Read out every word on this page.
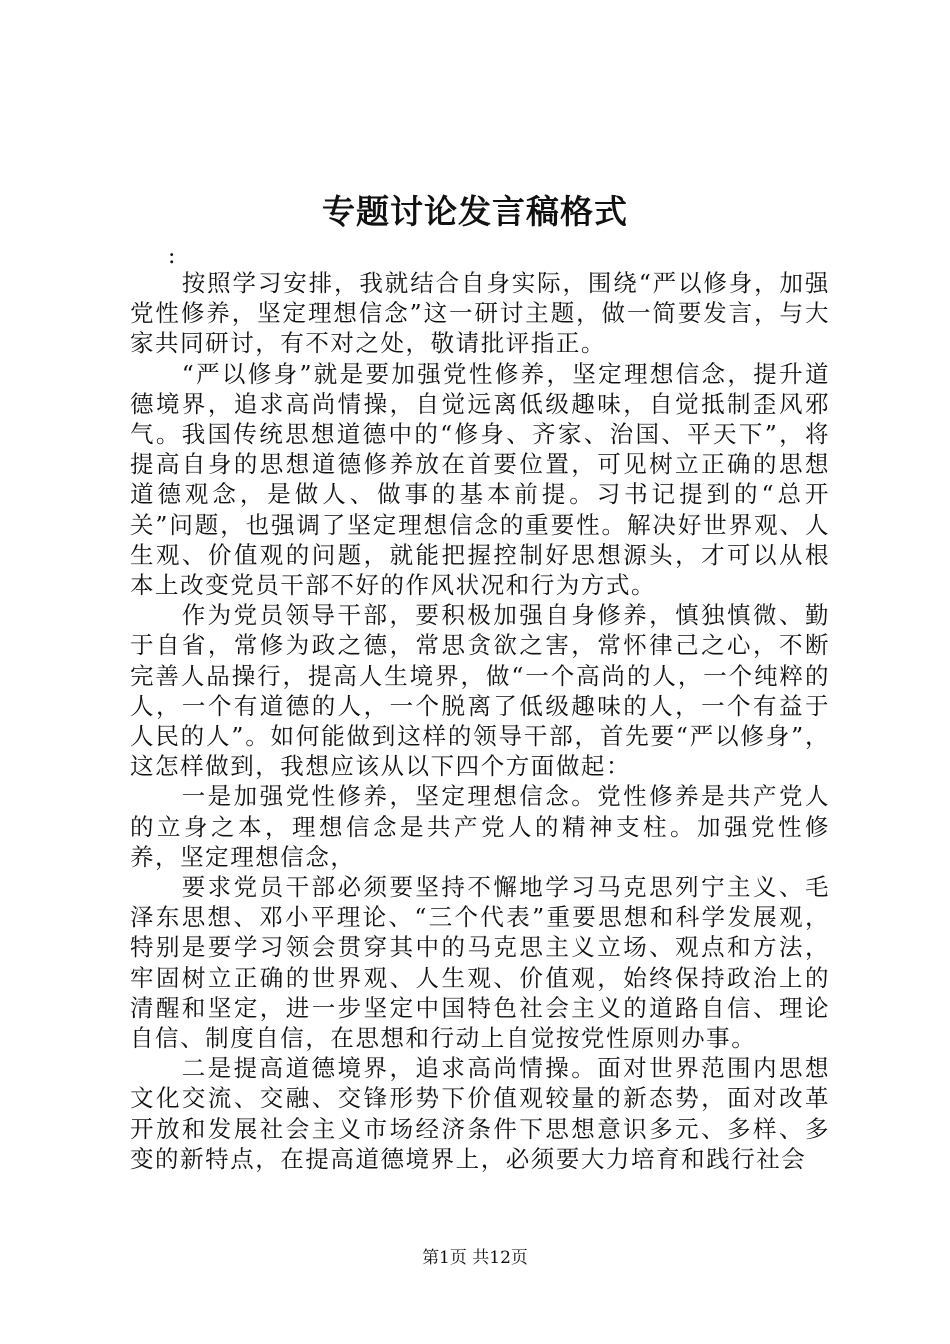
专题讨论发言稿格式
:

按照学习安排，我就结合自身实际，围绕“严以修身，加强党性修养，坚定理想信念”这一研讨主题，做一简要发言，与大家共同研讨，有不对之处，敬请批评指正。

“严以修身”就是要加强党性修养，坚定理想信念，提升道德境界，追求高尚情操，自觉远离低级趣味，自觉抵制歪风邪气。我国传统思想道德中的“修身、齐家、治国、平天下”，将提高自身的思想道德修养放在首要位置，可见树立正确的思想道德观念，是做人、做事的基本前提。习书记提到的“总开关”问题，也强调了坚定理想信念的重要性。解决好世界观、人生观、价值观的问题，就能把握控制好思想源头，才可以从根本上改变党员干部不好的作风状况和行为方式。

作为党员领导干部，要积极加强自身修养，慎独慎微、勤于自省，常修为政之德，常思贪欲之害，常怀律己之心，不断完善人品操行，提高人生境界，做“一个高尚的人，一个纯粹的人，一个有道德的人，一个脱离了低级趣味的人，一个有益于人民的人”。如何能做到这样的领导干部，首先要“严以修身”，这怎样做到，我想应该从以下四个方面做起：

一是加强党性修养，坚定理想信念。党性修养是共产党人的立身之本，理想信念是共产党人的精神支柱。加强党性修养，坚定理想信念，

要求党员干部必须要坚持不懈地学习马克思列宁主义、毛泽东思想、邓小平理论、“三个代表”重要思想和科学发展观，特别是要学习领会贯穿其中的马克思主义立场、观点和方法，牢固树立正确的世界观、人生观、价值观，始终保持政治上的清醒和坚定，进一步坚定中国特色社会主义的道路自信、理论自信、制度自信，在思想和行动上自觉按党性原则办事。

二是提高道德境界，追求高尚情操。面对世界范围内思想文化交流、交融、交锋形势下价值观较量的新态势，面对改革开放和发展社会主义市场经济条件下思想意识多元、多样、多变的新特点，在提高道德境界上，必须要大力培育和践行社会

第1页 共12页
